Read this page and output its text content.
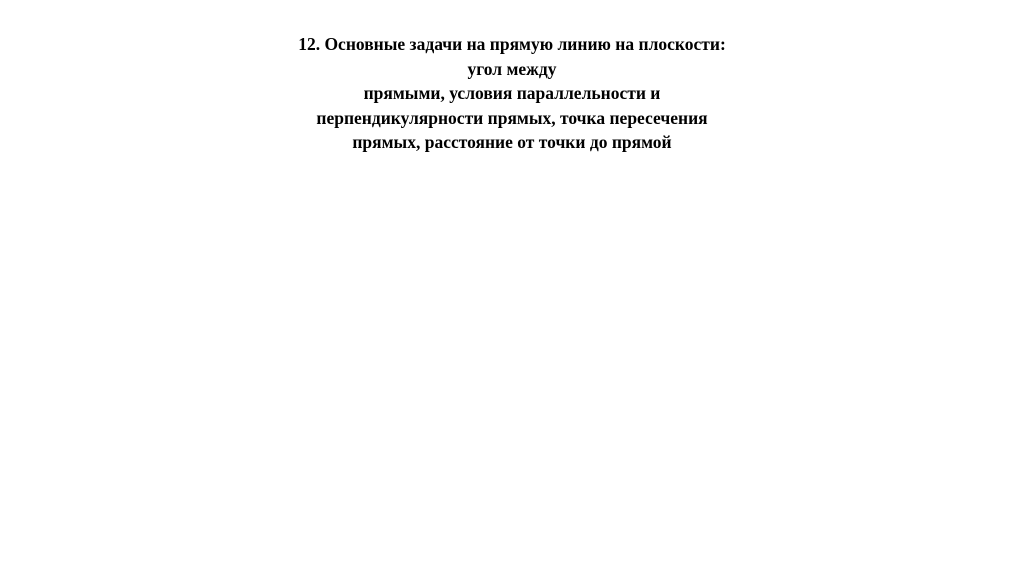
12. Основные задачи на прямую линию на плоскости:
угол между
прямыми, условия параллельности и
перпендикулярности прямых, точка пересечения
прямых, расстояние от точки до прямой
